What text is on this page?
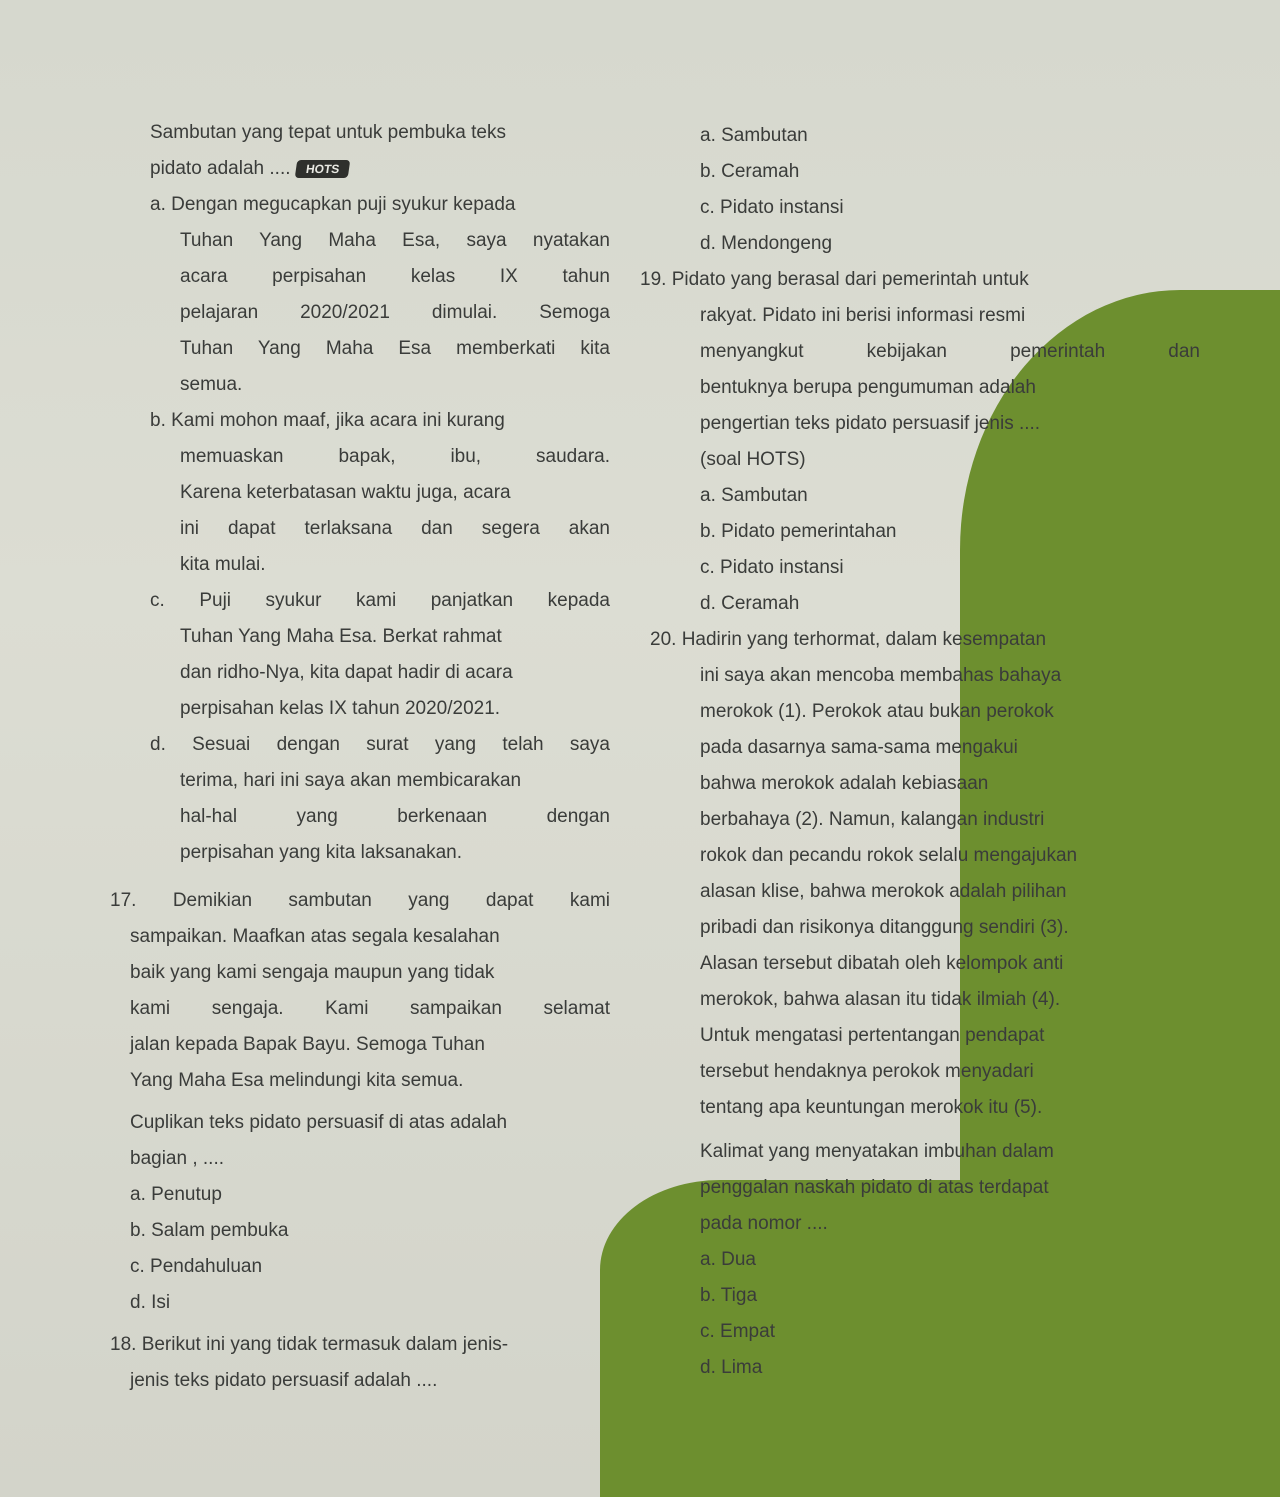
Sambutan yang tepat untuk pembuka teks
pidato adalah .... HOTS
a. Dengan megucapkan puji syukur kepada
Tuhan Yang Maha Esa, saya nyatakan
acara perpisahan kelas IX tahun
pelajaran 2020/2021 dimulai. Semoga
Tuhan Yang Maha Esa memberkati kita
semua.
b. Kami mohon maaf, jika acara ini kurang
memuaskan bapak, ibu, saudara.
Karena keterbatasan waktu juga, acara
ini dapat terlaksana dan segera akan
kita mulai.
c. Puji syukur kami panjatkan kepada
Tuhan Yang Maha Esa. Berkat rahmat
dan ridho-Nya, kita dapat hadir di acara
perpisahan kelas IX tahun 2020/2021.
d. Sesuai dengan surat yang telah saya
terima, hari ini saya akan membicarakan
hal-hal yang berkenaan dengan
perpisahan yang kita laksanakan.
17. Demikian sambutan yang dapat kami
sampaikan. Maafkan atas segala kesalahan
baik yang kami sengaja maupun yang tidak
kami sengaja. Kami sampaikan selamat
jalan kepada Bapak Bayu. Semoga Tuhan
Yang Maha Esa melindungi kita semua.
Cuplikan teks pidato persuasif di atas adalah
bagian , ....
a. Penutup
b. Salam pembuka
c. Pendahuluan
d. Isi
18. Berikut ini yang tidak termasuk dalam jenis-
jenis teks pidato persuasif adalah ....
a. Sambutan
b. Ceramah
c. Pidato instansi
d. Mendongeng
19. Pidato yang berasal dari pemerintah untuk
rakyat. Pidato ini berisi informasi resmi
menyangkut kebijakan pemerintah dan
bentuknya berupa pengumuman adalah
pengertian teks pidato persuasif jenis ....
(soal HOTS)
a. Sambutan
b. Pidato pemerintahan
c. Pidato instansi
d. Ceramah
20. Hadirin yang terhormat, dalam kesempatan
ini saya akan mencoba membahas bahaya
merokok (1). Perokok atau bukan perokok
pada dasarnya sama-sama mengakui
bahwa merokok adalah kebiasaan
berbahaya (2). Namun, kalangan industri
rokok dan pecandu rokok selalu mengajukan
alasan klise, bahwa merokok adalah pilihan
pribadi dan risikonya ditanggung sendiri (3).
Alasan tersebut dibatah oleh kelompok anti
merokok, bahwa alasan itu tidak ilmiah (4).
Untuk mengatasi pertentangan pendapat
tersebut hendaknya perokok menyadari
tentang apa keuntungan merokok itu (5).
Kalimat yang menyatakan imbuhan dalam
penggalan naskah pidato di atas terdapat
pada nomor ....
a. Dua
b. Tiga
c. Empat
d. Lima
